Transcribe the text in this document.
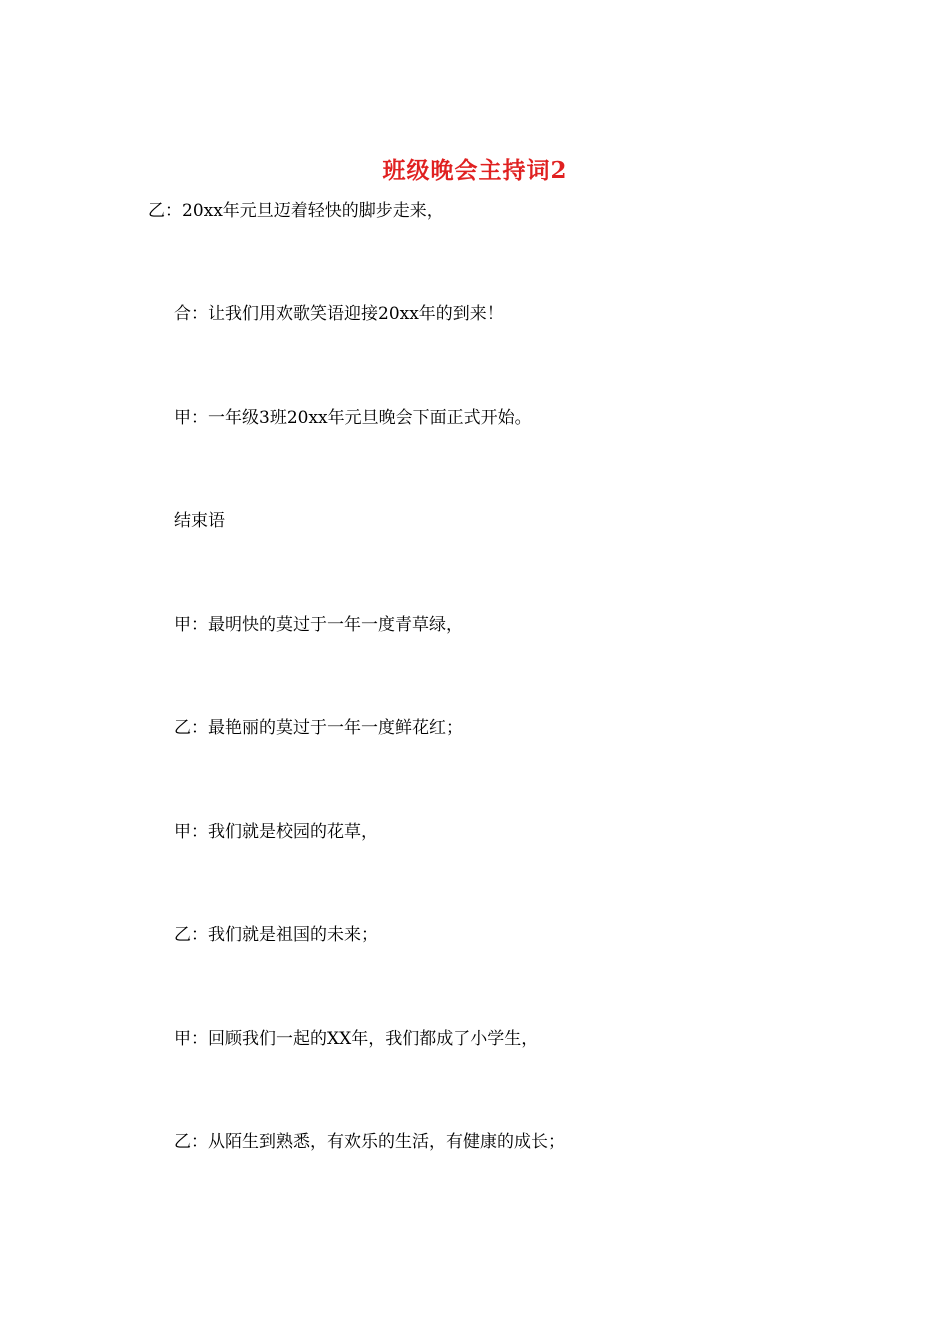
班级晚会主持词2
乙：20xx年元旦迈着轻快的脚步走来，
合：让我们用欢歌笑语迎接20xx年的到来！
甲：一年级3班20xx年元旦晚会下面正式开始。
结束语
甲：最明快的莫过于一年一度青草绿，
乙：最艳丽的莫过于一年一度鲜花红；
甲：我们就是校园的花草，
乙：我们就是祖国的未来；
甲：回顾我们一起的XX年，我们都成了小学生，
乙：从陌生到熟悉，有欢乐的生活，有健康的成长；
